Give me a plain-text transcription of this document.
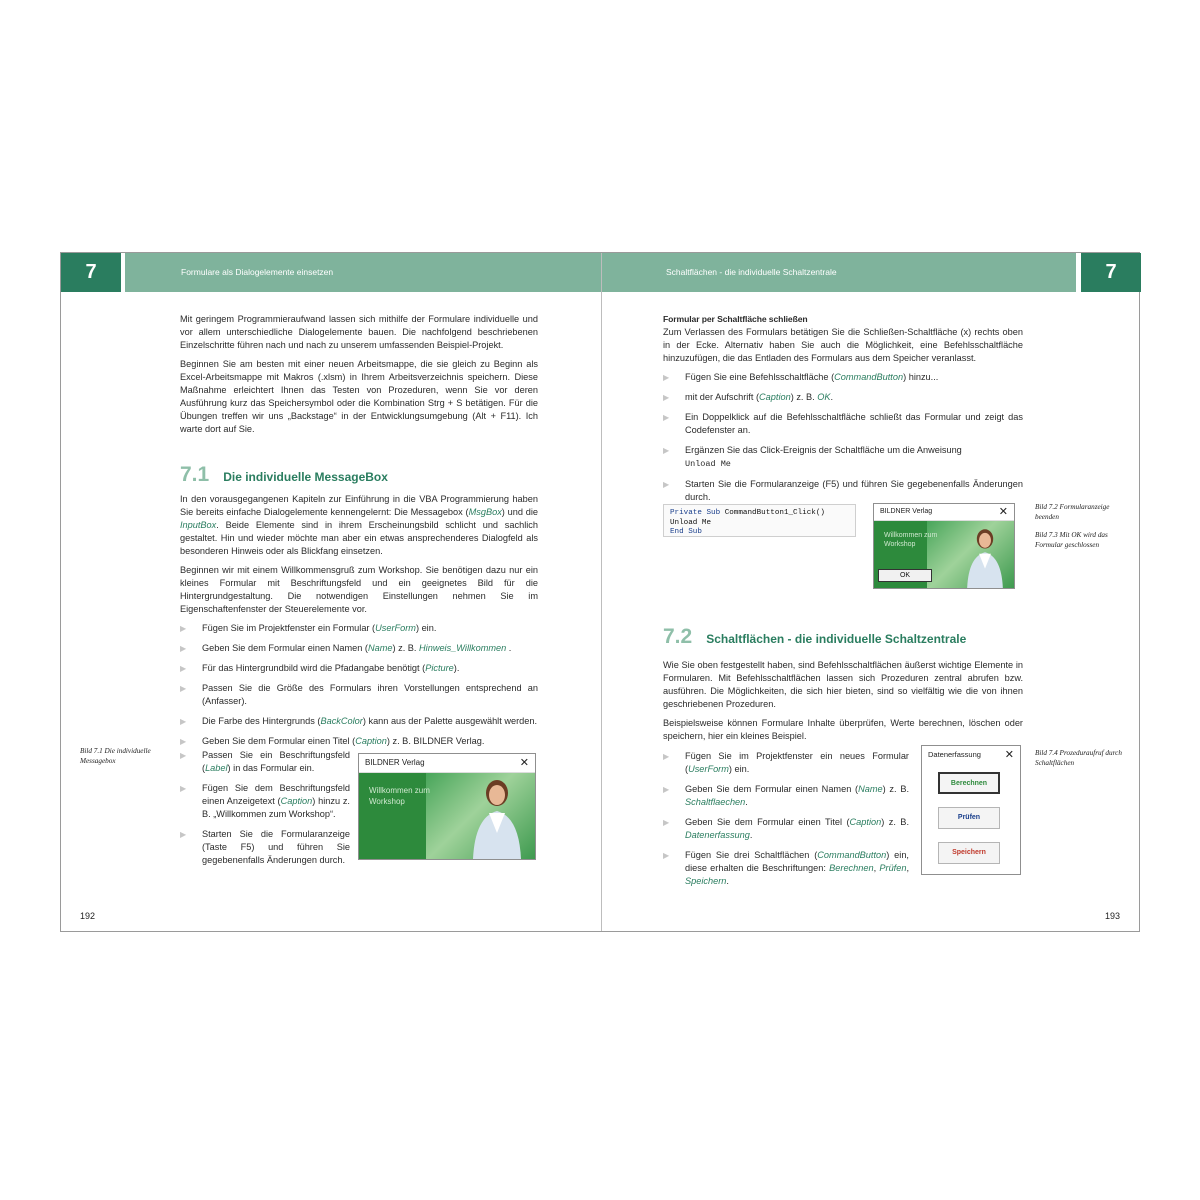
7	Formulare als Dialogelemente einsetzen	Schaltflächen - die individuelle Schaltzentrale	7

Mit geringem Programmieraufwand lassen sich mithilfe der Formulare individuelle und vor allem unterschiedliche Dialogelemente bauen. Die nachfolgend beschriebenen Einzelschritte führen nach und nach zu unserem umfassenden Beispiel-Projekt.

Beginnen Sie am besten mit einer neuen Arbeitsmappe, die sie gleich zu Beginn als Excel-Arbeitsmappe mit Makros (.xlsm) in Ihrem Arbeitsverzeichnis speichern. Diese Maßnahme erleichtert Ihnen das Testen von Prozeduren, wenn Sie vor deren Ausführung kurz das Speichersymbol oder die Kombination Strg + S betätigen. Für die Übungen treffen wir uns „Backstage“ in der Entwicklungsumgebung (Alt + F11). Ich warte dort auf Sie.

7.1 Die individuelle MessageBox

In den vorausgegangenen Kapiteln zur Einführung in die VBA Programmierung haben Sie bereits einfache Dialogelemente kennengelernt: Die Messagebox (MsgBox) und die InputBox. Beide Elemente sind in ihrem Erscheinungsbild schlicht und sachlich gestaltet. Hin und wieder möchte man aber ein etwas ansprechenderes Dialogfeld als besonderen Hinweis oder als Blickfang einsetzen.

Beginnen wir mit einem Willkommensgruß zum Workshop. Sie benötigen dazu nur ein kleines Formular mit Beschriftungsfeld und ein geeignetes Bild für die Hintergrundgestaltung. Die notwendigen Einstellungen nehmen Sie im Eigenschaftenfenster der Steuerelemente vor.

▶ Fügen Sie im Projektfenster ein Formular (UserForm) ein.
▶ Geben Sie dem Formular einen Namen (Name) z. B. Hinweis_Willkommen .
▶ Für das Hintergrundbild wird die Pfadangabe benötigt (Picture).
▶ Passen Sie die Größe des Formulars ihren Vorstellungen entsprechend an (Anfasser).
▶ Die Farbe des Hintergrunds (BackColor) kann aus der Palette ausgewählt werden.
▶ Geben Sie dem Formular einen Titel (Caption) z. B. BILDNER Verlag.
▶ Passen Sie ein Beschriftungsfeld (Label) in das Formular ein.
▶ Fügen Sie dem Beschriftungsfeld einen Anzeigetext (Caption) hinzu z. B. „Willkommen zum Workshop“.
▶ Starten Sie die Formularanzeige (Taste F5) und führen Sie gegebenenfalls Änderungen durch.
Bild 7.1 Die individuelle Messagebox	BILDNER Verlag	✕
Willkommen zum Workshop
192
Formular per Schaltfläche schließen

Zum Verlassen des Formulars betätigen Sie die Schließen-Schaltfläche (x) rechts oben in der Ecke. Alternativ haben Sie auch die Möglichkeit, eine Befehlsschaltfläche hinzuzufügen, die das Entladen des Formulars aus dem Speicher veranlasst.

▶ Fügen Sie eine Befehlsschaltfläche (CommandButton) hinzu...
▶ mit der Aufschrift (Caption) z. B. OK.
▶ Ein Doppelklick auf die Befehlsschaltfläche schließt das Formular und zeigt das Codefenster an.
▶ Ergänzen Sie das Click-Ereignis der Schaltfläche um die Anweisung
Unload Me
▶ Starten Sie die Formularanzeige (F5) und führen Sie gegebenenfalls Änderungen durch.
Private Sub CommandButton1_Click()
Unload Me
End Sub
BILDNER Verlag	✕
Willkommen zum Workshop
OK
Bild 7.2 Formularanzeige beenden
Bild 7.3 Mit OK wird das Formular geschlossen
7.2 Schaltflächen - die individuelle Schaltzentrale

Wie Sie oben festgestellt haben, sind Befehlsschaltflächen äußerst wichtige Elemente in Formularen. Mit Befehlsschaltflächen lassen sich Prozeduren zentral abrufen bzw. ausführen. Die Möglichkeiten, die sich hier bieten, sind so vielfältig wie die von ihnen geschriebenen Prozeduren.

Beispielsweise können Formulare Inhalte überprüfen, Werte berechnen, löschen oder speichern, hier ein kleines Beispiel.

▶ Fügen Sie im Projektfenster ein neues Formular (UserForm) ein.
▶ Geben Sie dem Formular einen Namen (Name) z. B. Schaltflaechen.
▶ Geben Sie dem Formular einen Titel (Caption) z. B. Datenerfassung.
▶ Fügen Sie drei Schaltflächen (CommandButton) ein, diese erhalten die Beschriftungen: Berechnen, Prüfen, Speichern.
Datenerfassung ✕
Berechnen
Prüfen
Speichern
Bild 7.4 Prozeduraufruf durch Schaltflächen
193
